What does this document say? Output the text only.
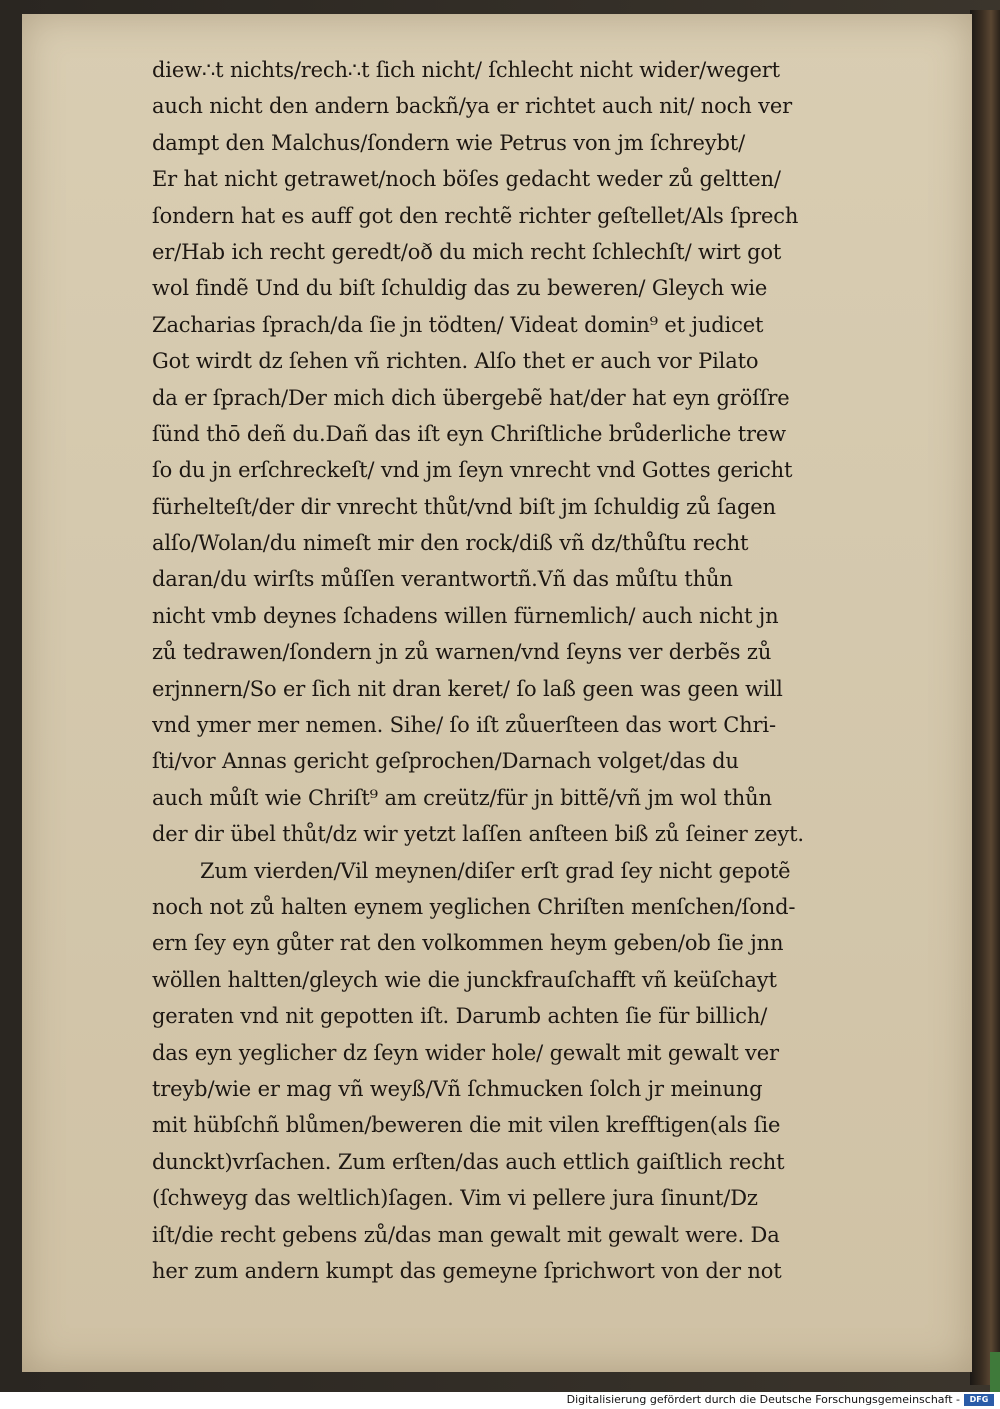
diew∴t nichts/rech∴t ſich nicht/ ſchlecht nicht wider/wegert
auch nicht den andern backñ/ya er richtet auch nit/ noch ver
dampt den Malchus/ſondern wie Petrus von jm ſchreybt/
Er hat nicht getrawet/noch böſes gedacht weder zů geltten/
ſondern hat es auff got den rechtẽ richter geſtellet/Als ſprech
er/Hab ich recht geredt/oð du mich recht ſchlechſt/ wirt got
wol findẽ Und du biſt ſchuldig das zu beweren/ Gleych wie
Zacharias ſprach/da ſie jn tödten/ Videat domin⁹ et judicet
Got wirdt dz ſehen vñ richten. Alſo thet er auch vor Pilato
da er ſprach/Der mich dich übergebẽ hat/der hat eyn gröſſre
ſünd thō deñ du.Dañ das iſt eyn Chriſtliche brůderliche trew
ſo du jn erſchreckeſt/ vnd jm ſeyn vnrecht vnd Gottes gericht
fürhelteſt/der dir vnrecht thůt/vnd biſt jm ſchuldig zů ſagen
alſo/Wolan/du nimeſt mir den rock/diß vñ dz/thůſtu recht
daran/du wirſts můſſen verantwortñ.Vñ das můſtu thůn
nicht vmb deynes ſchadens willen fürnemlich/ auch nicht jn
zů tedrawen/ſondern jn zů warnen/vnd ſeyns ver derbẽs zů
erjnnern/So er ſich nit dran keret/ ſo laß geen was geen will
vnd ymer mer nemen. Sihe/ ſo iſt zůuerſteen das wort Chri-
ſti/vor Annas gericht geſprochen/Darnach volget/das du
auch můſt wie Chriſt⁹ am creütz/für jn bittẽ/vñ jm wol thůn
der dir übel thůt/dz wir yetzt laſſen anſteen biß zů ſeiner zeyt.
Zum vierden/Vil meynen/diſer erſt grad ſey nicht gepotẽ
noch not zů halten eynem yeglichen Chriſten menſchen/ſond-
ern ſey eyn gůter rat den volkommen heym geben/ob ſie jnn
wöllen haltten/gleych wie die junckfrauſchafft vñ keüſchayt
geraten vnd nit gepotten iſt. Darumb achten ſie für billich/
das eyn yeglicher dz ſeyn wider hole/ gewalt mit gewalt ver
treyb/wie er mag vñ weyß/Vñ ſchmucken ſolch jr meinung
mit hübſchñ blůmen/beweren die mit vilen krefftigen(als ſie
dunckt)vrſachen. Zum erſten/das auch ettlich gaiſtlich recht
(ſchweyg das weltlich)ſagen. Vim vi pellere jura ſinunt/Dz
iſt/die recht gebens zů/das man gewalt mit gewalt were. Da
her zum andern kumpt das gemeyne ſprichwort von der not
Digitalisierung gefördert durch die Deutsche Forschungsgemeinschaft -	DFG
